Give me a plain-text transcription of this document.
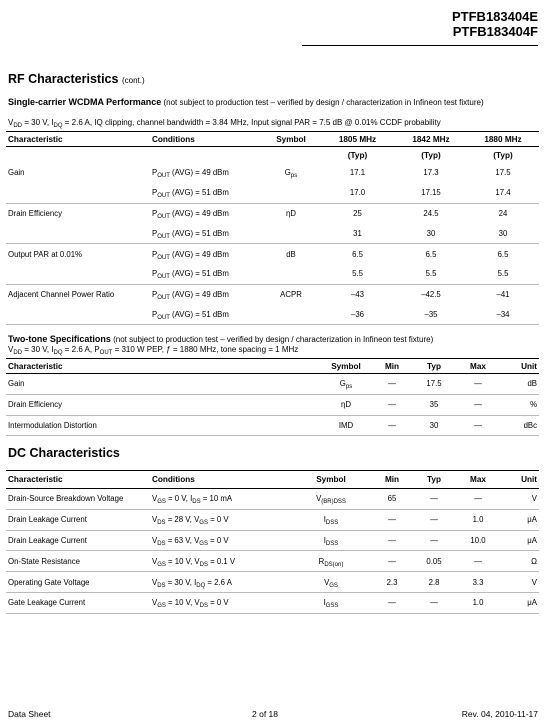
PTFB183404E
PTFB183404F
RF Characteristics (cont.)
Single-carrier WCDMA Performance (not subject to production test – verified by design / characterization in Infineon test fixture)
$V_{DD} = 30$ V, $I_{DQ} = 2.6$ A, IQ clipping, channel bandwidth = 3.84 MHz, Input signal PAR = 7.5 dB @ 0.01% CCDF probability
Characteristic	Conditions	Symbol	1805 MHz	1842 MHz	1880 MHz
			(Typ)	(Typ)	(Typ)
Gain	$P_{OUT}$ (AVG) = 49 dBm	$G_{ps}$	17.1	17.3	17.5
	$P_{OUT}$ (AVG) = 51 dBm		17.0	17.15	17.4
Drain Efficiency	$P_{OUT}$ (AVG) = 49 dBm	ηD	25	24.5	24
	$P_{OUT}$ (AVG) = 51 dBm		31	30	30
Output PAR at 0.01%	$P_{OUT}$ (AVG) = 49 dBm	dB	6.5	6.5	6.5
	$P_{OUT}$ (AVG) = 51 dBm		5.5	5.5	5.5
Adjacent Channel Power Ratio	$P_{OUT}$ (AVG) = 49 dBm	ACPR	–43	–42.5	–41
	$P_{OUT}$ (AVG) = 51 dBm		–36	–35	–34
Two-tone Specifications (not subject to production test – verified by design / characterization in Infineon test fixture)
$V_{DD} = 30$ V, $I_{DQ} = 2.6$ A, $P_{OUT} = 310$ W PEP, ƒ = 1880 MHz, tone spacing = 1 MHz
Characteristic	Symbol	Min	Typ	Max	Unit
Gain	$G_{ps}$	—	17.5	—	dB
Drain Efficiency	ηD	—	35	—	%
Intermodulation Distortion	IMD	—	30	—	dBc
DC Characteristics
Characteristic	Conditions	Symbol	Min	Typ	Max	Unit
Drain-Source Breakdown Voltage	$V_{GS} = 0$ V, $I_{DS} = 10$ mA	$V_{(BR)DSS}$	65	—	—	V
Drain Leakage Current	$V_{DS} = 28$ V, $V_{GS} = 0$ V	$I_{DSS}$	—	—	1.0	μA
Drain Leakage Current	$V_{DS} = 63$ V, $V_{GS} = 0$ V	$I_{DSS}$	—	—	10.0	μA
On-State Resistance	$V_{GS} = 10$ V, $V_{DS} = 0.1$ V	$R_{DS(on)}$	—	0.05	—	Ω
Operating Gate Voltage	$V_{DS} = 30$ V, $I_{DQ} = 2.6$ A	$V_{GS}$	2.3	2.8	3.3	V
Gate Leakage Current	$V_{GS} = 10$ V, $V_{DS} = 0$ V	$I_{GSS}$	—	—	1.0	μA
Data Sheet	2 of 18	Rev. 04, 2010-11-17
